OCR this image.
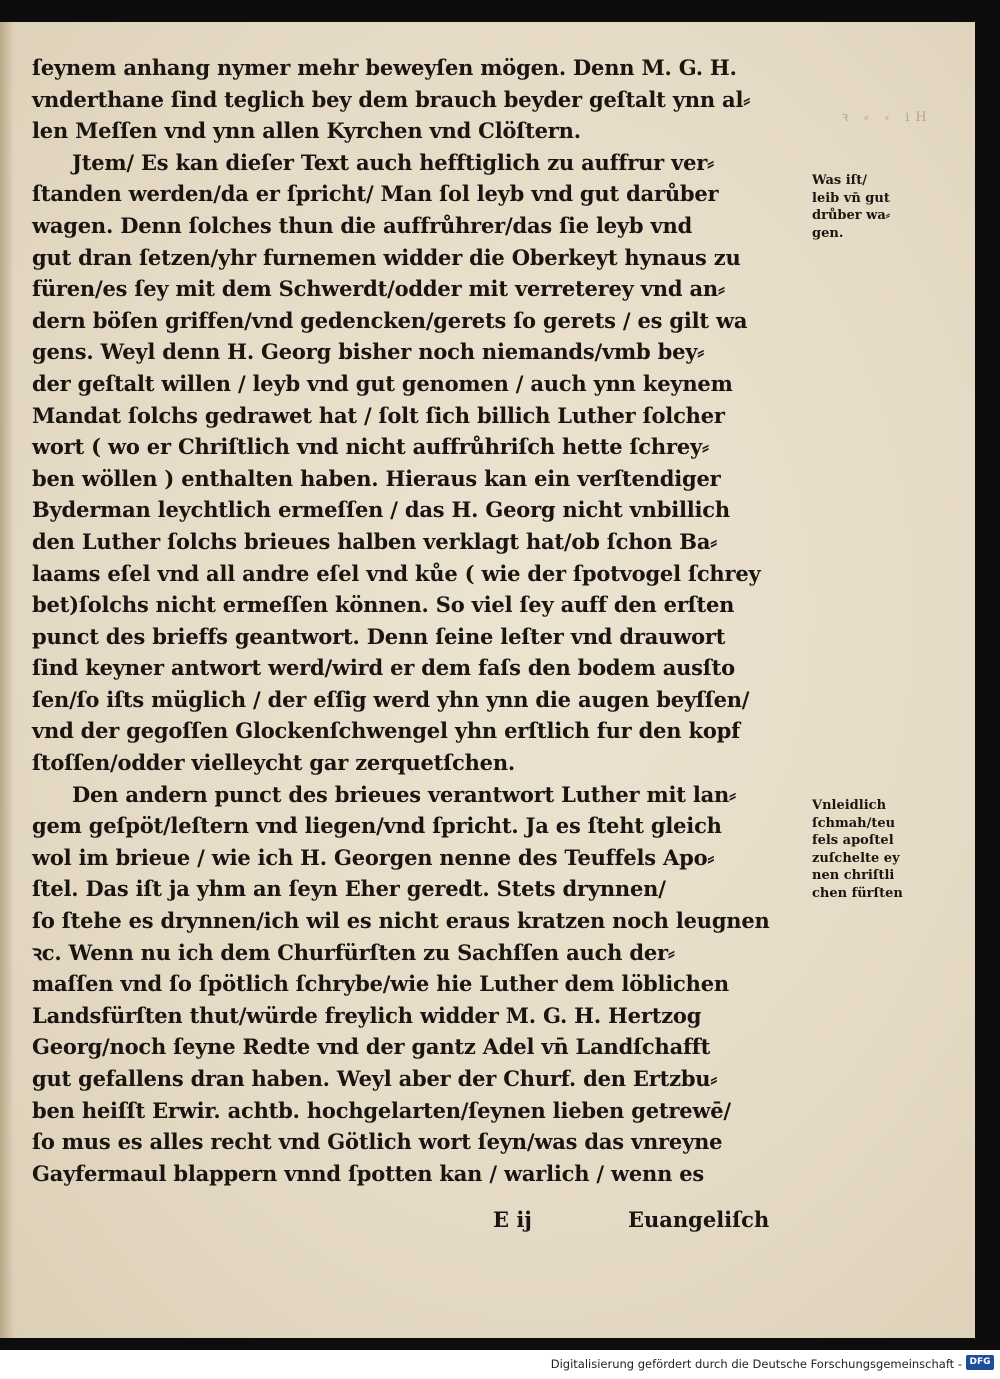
ſeynem anhang nymer mehr beweyſen mögen. Denn M. G. H.
vnderthane ſind teglich bey dem brauch beyder geſtalt ynn al⸗
len Meſſen vnd ynn allen Kyrchen vnd Clöſtern.
Jtem/ Es kan dieſer Text auch hefftiglich zu auffrur ver⸗
ſtanden werden/da er ſpricht/ Man ſol leyb vnd gut darůber
wagen. Denn ſolches thun die auffrůhrer/das ſie leyb vnd
gut dran ſetzen/yhr furnemen widder die Oberkeyt hynaus zu
füren/es ſey mit dem Schwerdt/odder mit verreterey vnd an⸗
dern böſen griffen/vnd gedencken/gerets ſo gerets / es gilt wa
gens. Weyl denn H. Georg bisher noch niemands/vmb bey⸗
der geſtalt willen / leyb vnd gut genomen / auch ynn keynem
Mandat ſolchs gedrawet hat / ſolt ſich billich Luther ſolcher
wort ( wo er Chriſtlich vnd nicht auffrůhriſch hette ſchrey⸗
ben wöllen ) enthalten haben. Hieraus kan ein verſtendiger
Byderman leychtlich ermeſſen / das H. Georg nicht vnbillich
den Luther ſolchs brieues halben verklagt hat/ob ſchon Ba⸗
laams eſel vnd all andre eſel vnd kůe ( wie der ſpotvogel ſchrey
bet)ſolchs nicht ermeſſen können. So viel ſey auff den erſten
punct des brieffs geantwort. Denn ſeine leſter vnd drauwort
ſind keyner antwort werd/wird er dem faſs den bodem ausſto
ſen/ſo iſts müglich / der eſſig werd yhn ynn die augen beyſſen/
vnd der gegoſſen Glockenſchwengel yhn erſtlich fur den kopf
ſtoſſen/odder vielleycht gar zerquetſchen.
Den andern punct des brieues verantwort Luther mit lan⸗
gem geſpöt/leſtern vnd liegen/vnd ſpricht. Ja es ſteht gleich
wol im brieue / wie ich H. Georgen nenne des Teuffels Apo⸗
ſtel. Das iſt ja yhm an ſeyn Eher geredt. Stets drynnen/
ſo ſtehe es drynnen/ich wil es nicht eraus kratzen noch leugnen
ꝛc. Wenn nu ich dem Churfürſten zu Sachſſen auch der⸗
maſſen vnd ſo ſpötlich ſchrybe/wie hie Luther dem löblichen
Landsfürſten thut/würde freylich widder M. G. H. Hertzog
Georg/noch ſeyne Redte vnd der gantz Adel vn̄ Landſchafft
gut gefallens dran haben. Weyl aber der Churf. den Ertzbu⸗
ben heiſſt Erwir. achtb. hochgelarten/ſeynen lieben getrewē/
ſo mus es alles recht vnd Götlich wort ſeyn/was das vnreyne
Gayfermaul blappern vnnd ſpotten kan / warlich / wenn es
E ij	Euangeliſch
Was iſt/
leib vn̄ gut
drůber wa⸗
gen.
Vnleidlich
ſchmah/teu
fels apoſtel
zuſchelte ey
nen chriſtli
chen fürſten
ꝛ ⸗ ⸗ iH
Digitalisierung gefördert durch die Deutsche Forschungsgemeinschaft - DFG
